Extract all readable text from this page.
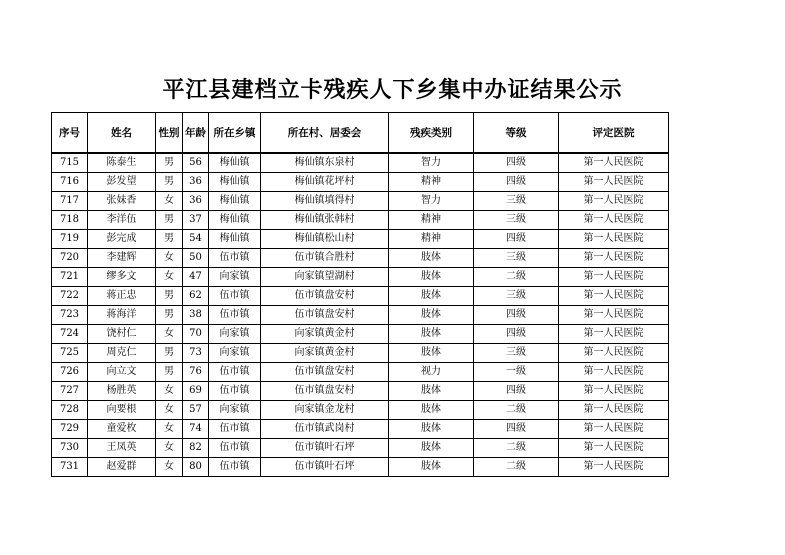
平江县建档立卡残疾人下乡集中办证结果公示
序号	姓名	性别	年龄	所在乡镇	所在村、居委会	残疾类别	等级	评定医院
715	陈泰生	男	56	梅仙镇	梅仙镇东泉村	智力	四级	第一人民医院
716	彭发望	男	36	梅仙镇	梅仙镇花坪村	精神	四级	第一人民医院
717	张妹香	女	36	梅仙镇	梅仙镇填得村	智力	三级	第一人民医院
718	李洋伍	男	37	梅仙镇	梅仙镇张韩村	精神	三级	第一人民医院
719	彭完成	男	54	梅仙镇	梅仙镇松山村	精神	四级	第一人民医院
720	李建辉	女	50	伍市镇	伍市镇合胜村	肢体	三级	第一人民医院
721	缪多文	女	47	向家镇	向家镇望湖村	肢体	二级	第一人民医院
722	蒋正忠	男	62	伍市镇	伍市镇盘安村	肢体	三级	第一人民医院
723	蒋海洋	男	38	伍市镇	伍市镇盘安村	肢体	四级	第一人民医院
724	饶村仁	女	70	向家镇	向家镇黄金村	肢体	四级	第一人民医院
725	周克仁	男	73	向家镇	向家镇黄金村	肢体	三级	第一人民医院
726	向立文	男	76	伍市镇	伍市镇盘安村	视力	一级	第一人民医院
727	杨胜英	女	69	伍市镇	伍市镇盘安村	肢体	四级	第一人民医院
728	向要根	女	57	向家镇	向家镇金龙村	肢体	二级	第一人民医院
729	童爱枚	女	74	伍市镇	伍市镇武岗村	肢体	四级	第一人民医院
730	王凤英	女	82	伍市镇	伍市镇叶石坪	肢体	二级	第一人民医院
731	赵爱群	女	80	伍市镇	伍市镇叶石坪	肢体	二级	第一人民医院
